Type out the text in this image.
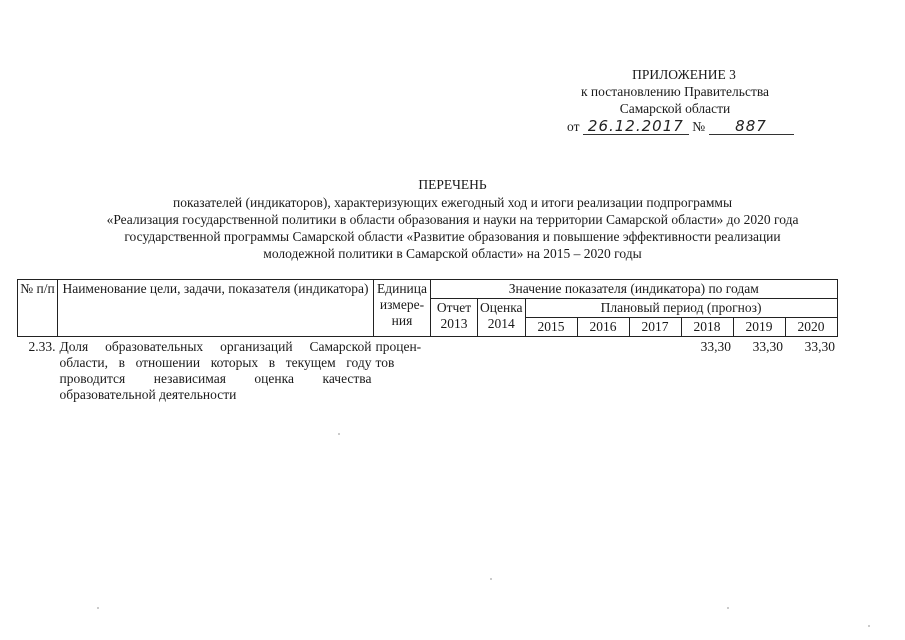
ПРИЛОЖЕНИЕ 3
к постановлению Правительства
Самарской области
от 26.12.2017 № 887
ПЕРЕЧЕНЬ
показателей (индикаторов), характеризующих ежегодный ход и итоги реализации подпрограммы
«Реализация государственной политики в области образования и науки на территории Самарской области» до 2020 года
государственной программы Самарской области «Развитие образования и повышение эффективности реализации
молодежной политики в Самарской области» на 2015 – 2020 годы
№ п/п	Наименование цели, задачи, показателя (индикатора)	Единица измере-ния	Значение показателя (индикатора) по годам							
			Отчет 2013	Оценка 2014	Плановый период (прогноз)					
					2015	2016	2017	2018	2019	2020
2.33.	Доля образовательных организаций Самарской области, в отношении которых в текущем году проводится независимая оценка качества образовательной деятельности	процен-тов						33,30	33,30	33,30
